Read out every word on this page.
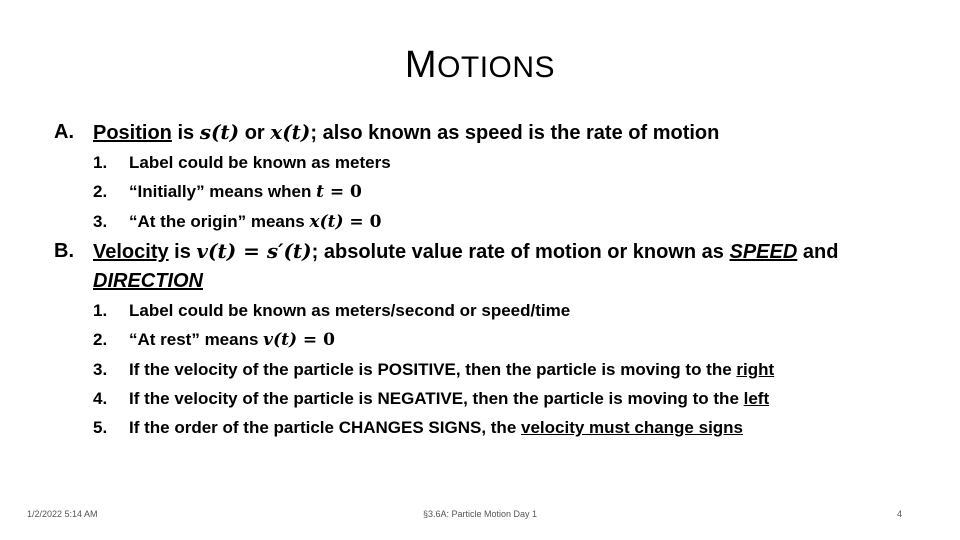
MOTIONS
A. Position is s(t) or x(t); also known as speed is the rate of motion
1. Label could be known as meters
2. “Initially” means when t = 0
3. “At the origin” means x(t) = 0
B. Velocity is v(t) = s′(t); absolute value rate of motion or known as SPEED and
DIRECTION
1. Label could be known as meters/second or speed/time
2. “At rest” means v(t) = 0
3. If the velocity of the particle is POSITIVE, then the particle is moving to the right
4. If the velocity of the particle is NEGATIVE, then the particle is moving to the left
5. If the order of the particle CHANGES SIGNS, the velocity must change signs
1/2/2022 5:14 AM	§3.6A: Particle Motion Day 1	4
